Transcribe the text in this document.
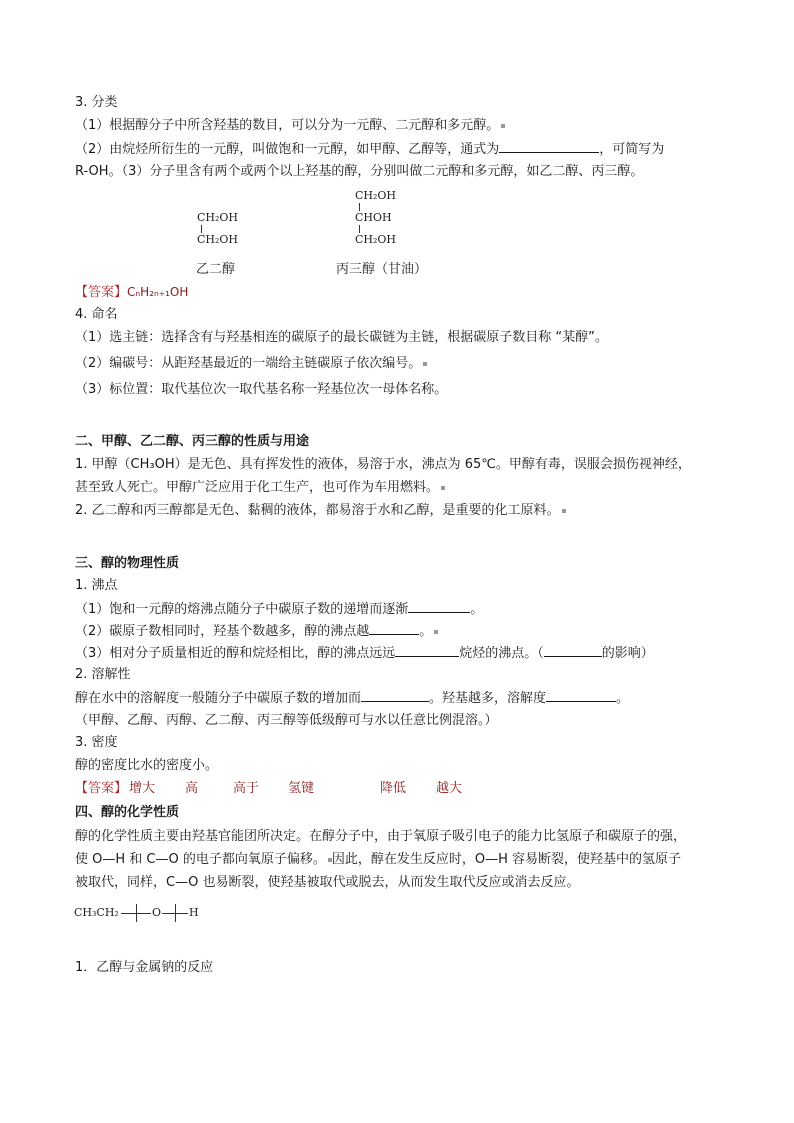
3. 分类
（1）根据醇分子中所含羟基的数目，可以分为一元醇、二元醇和多元醇。
（2）由烷烃所衍生的一元醇，叫做饱和一元醇，如甲醇、乙醇等，通式为	，可简写为
R-OH。（3）分子里含有两个或两个以上羟基的醇，分别叫做二元醇和多元醇，如乙二醇、丙三醇。
CH₂OH
CH₂OH
乙二醇
CH₂OH
CHOH
CH₂OH
丙三醇（甘油）
【答案】CₙH₂ₙ₊₁OH
4. 命名
（1）选主链：选择含有与羟基相连的碳原子的最长碳链为主链，根据碳原子数目称 “某醇”。
（2）编碳号：从距羟基最近的一端给主链碳原子依次编号。
（3）标位置：取代基位次一取代基名称一羟基位次一母体名称。
二、甲醇、乙二醇、丙三醇的性质与用途
1. 甲醇（CH₃OH）是无色、具有挥发性的液体，易溶于水，沸点为 65℃。甲醇有毒，误服会损伤视神经，
甚至致人死亡。甲醇广泛应用于化工生产，也可作为车用燃料。
2. 乙二醇和丙三醇都是无色、黏稠的液体，都易溶于水和乙醇，是重要的化工原料。
三、醇的物理性质
1. 沸点
（1）饱和一元醇的熔沸点随分子中碳原子数的递增而逐渐	。
（2）碳原子数相同时，羟基个数越多，醇的沸点越	。
（3）相对分子质量相近的醇和烷烃相比，醇的沸点远远	烷烃的沸点。（	的影响）
2. 溶解性
醇在水中的溶解度一般随分子中碳原子数的增加而	。羟基越多，溶解度	。
（甲醇、乙醇、丙醇、乙二醇、丙三醇等低级醇可与水以任意比例混溶。）
3. 密度
醇的密度比水的密度小。
【答案】 增大 高	高于 氢键	降低 越大
四、醇的化学性质
醇的化学性质主要由羟基官能团所决定。在醇分子中，由于氧原子吸引电子的能力比氢原子和碳原子的强，
使 O—H 和 C—O 的电子都向氧原子偏移。 因此，醇在发生反应时，O—H 容易断裂，使羟基中的氢原子
被取代，同样，C—O 也易断裂，使羟基被取代或脱去，从而发生取代反应或消去反应。
CH₃CH₂	O	H
1．乙醇与金属钠的反应
